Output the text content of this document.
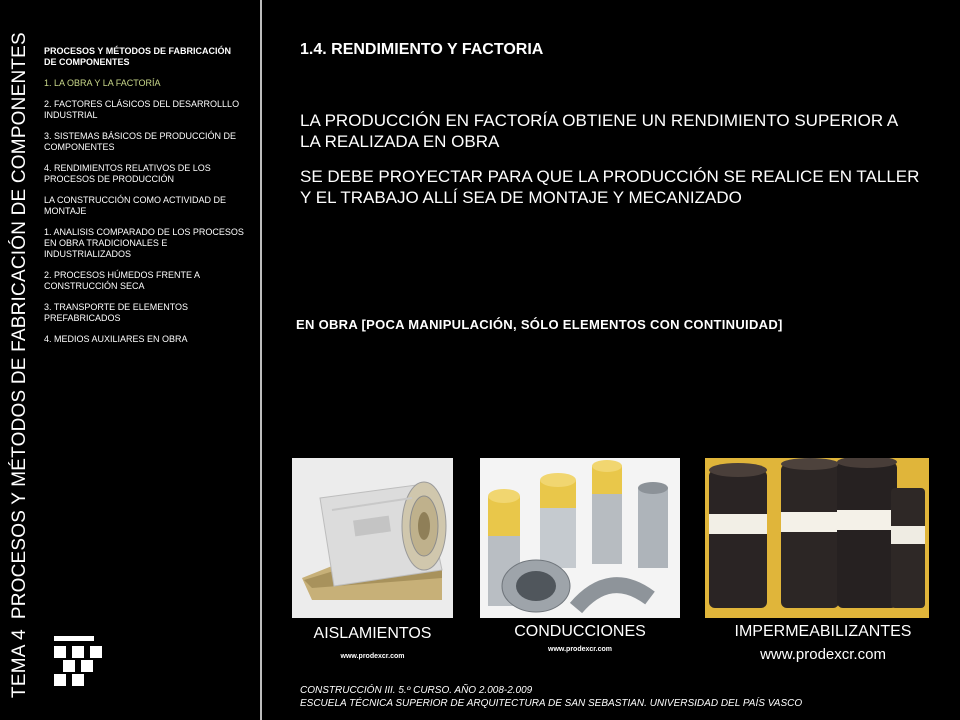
TEMA 4PROCESOS Y MÉTODOS DE FABRICACIÓN DE COMPONENTES PROCESOS Y MÉTODOS DE FABRICACIÓN
DE COMPONENTES
1. LA OBRA Y LA FACTORÍA
2. FACTORES CLÁSICOS DEL DESARROLLLO INDUSTRIAL
3. SISTEMAS BÁSICOS DE PRODUCCIÓN DE COMPONENTES
4. RENDIMIENTOS RELATIVOS DE LOS PROCESOS DE PRODUCCIÓN
LA CONSTRUCCIÓN COMO ACTIVIDAD DE MONTAJE
1. ANALISIS COMPARADO DE LOS PROCESOS EN OBRA TRADICIONALES E INDUSTRIALIZADOS
2. PROCESOS HÚMEDOS FRENTE A CONSTRUCCIÓN SECA
3. TRANSPORTE DE ELEMENTOS PREFABRICADOS
4. MEDIOS AUXILIARES EN OBRA
1.4. RENDIMIENTO Y FACTORIA

LA PRODUCCIÓN EN FACTORÍA OBTIENE UN RENDIMIENTO SUPERIOR A LA REALIZADA EN OBRA

SE DEBE PROYECTAR PARA QUE LA PRODUCCIÓN SE REALICE EN TALLER Y EL TRABAJO ALLÍ SEA DE MONTAJE Y MECANIZADO

EN OBRA [POCA MANIPULACIÓN, SÓLO ELEMENTOS CON CONTINUIDAD]
AISLAMIENTOS
www.prodexcr.com
CONDUCCIONES
www.prodexcr.com
IMPERMEABILIZANTES
www.prodexcr.com
CONSTRUCCIÓN III. 5.º CURSO. AÑO 2.008-2.009
ESCUELA TÉCNICA SUPERIOR DE ARQUITECTURA DE SAN SEBASTIAN. UNIVERSIDAD DEL PAÍS VASCO
